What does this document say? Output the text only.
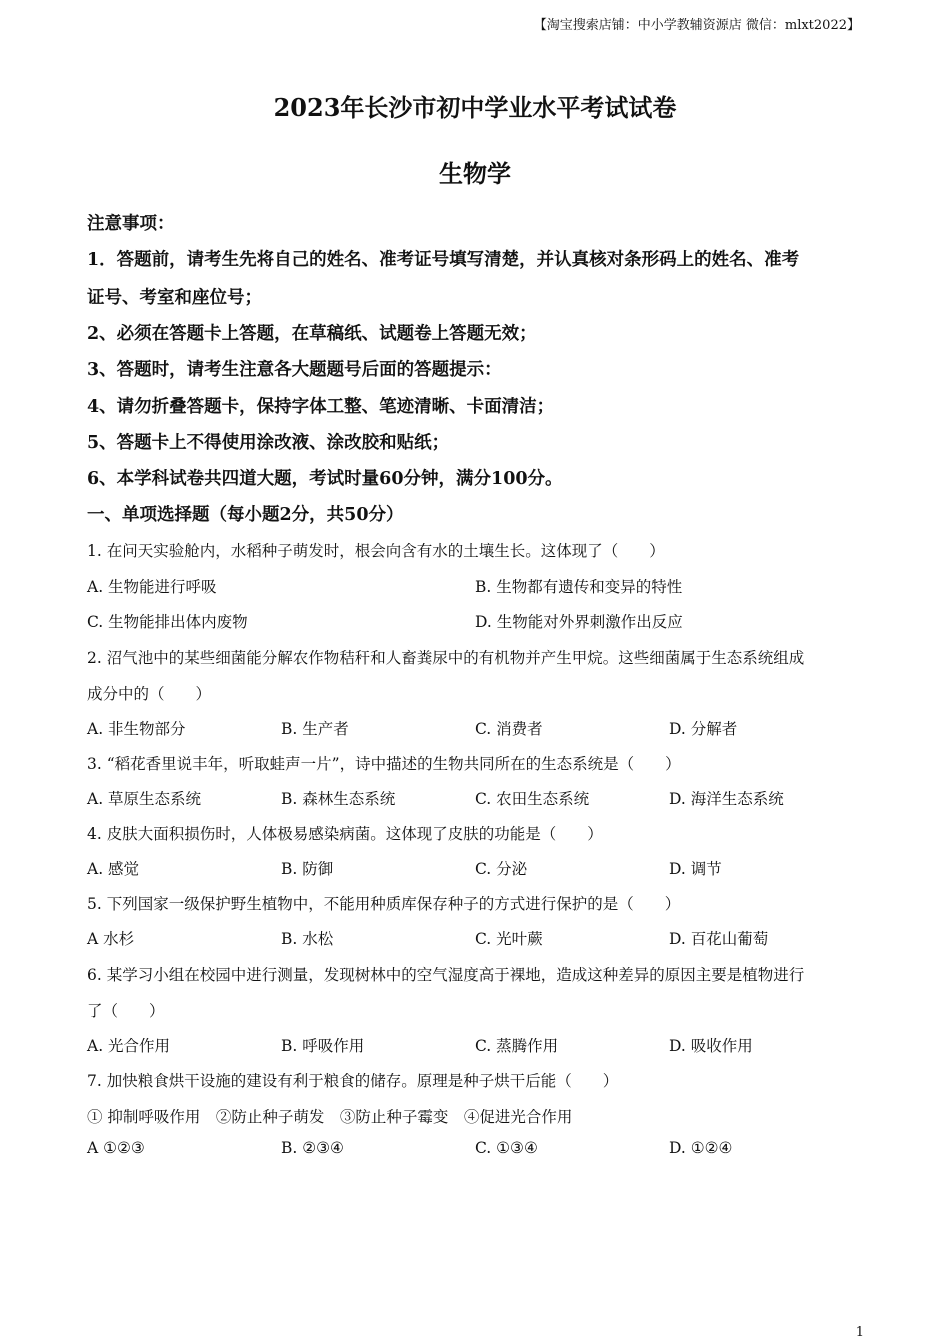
【淘宝搜索店铺：中小学教辅资源店 微信：mlxt2022】
2023年长沙市初中学业水平考试试卷
生物学
注意事项：
1．答题前，请考生先将自己的姓名、准考证号填写清楚，并认真核对条形码上的姓名、准考
证号、考室和座位号；
2、必须在答题卡上答题，在草稿纸、试题卷上答题无效；
3、答题时，请考生注意各大题题号后面的答题提示：
4、请勿折叠答题卡，保持字体工整、笔迹清晰、卡面清洁；
5、答题卡上不得使用涂改液、涂改胶和贴纸；
6、本学科试卷共四道大题，考试时量60分钟，满分100分。
一、单项选择题（每小题2分，共50分）
1. 在问天实验舱内，水稻种子萌发时，根会向含有水的土壤生长。这体现了（　　）
A. 生物能进行呼吸	B. 生物都有遗传和变异的特性
C. 生物能排出体内废物	D. 生物能对外界刺激作出反应
2. 沼气池中的某些细菌能分解农作物秸秆和人畜粪尿中的有机物并产生甲烷。这些细菌属于生态系统组成
成分中的（　　）
A. 非生物部分	B. 生产者	C. 消费者	D. 分解者
3. “稻花香里说丰年，听取蛙声一片”，诗中描述的生物共同所在的生态系统是（　　）
A. 草原生态系统	B. 森林生态系统	C. 农田生态系统	D. 海洋生态系统
4. 皮肤大面积损伤时，人体极易感染病菌。这体现了皮肤的功能是（　　）
A. 感觉	B. 防御	C. 分泌	D. 调节
5. 下列国家一级保护野生植物中，不能用种质库保存种子的方式进行保护的是（　　）
A 水杉	B. 水松	C. 光叶蕨	D. 百花山葡萄
6. 某学习小组在校园中进行测量，发现树林中的空气湿度高于裸地，造成这种差异的原因主要是植物进行
了（　　）
A. 光合作用	B. 呼吸作用	C. 蒸腾作用	D. 吸收作用
7. 加快粮食烘干设施的建设有利于粮食的储存。原理是种子烘干后能（　　）
① 抑制呼吸作用　②防止种子萌发　③防止种子霉变　④促进光合作用
A ①②③	B. ②③④	C. ①③④	D. ①②④
1
